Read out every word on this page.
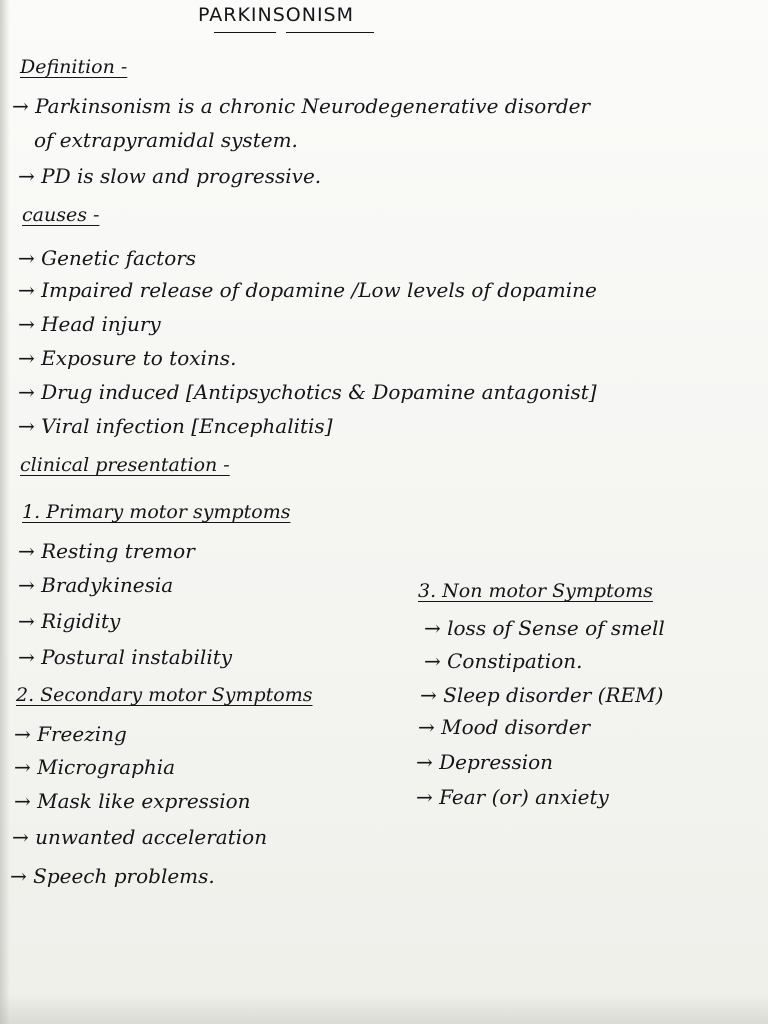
PARKINSONISM
Definition -
→ Parkinsonism is a chronic Neurodegenerative disorder
of extrapyramidal system.
→ PD is slow and progressive.
causes -
→ Genetic factors
→ Impaired release of dopamine /Low levels of dopamine
→ Head injury
→ Exposure to toxins.
→ Drug induced [Antipsychotics & Dopamine antagonist]
→ Viral infection [Encephalitis]
clinical presentation -
1. Primary motor symptoms
→ Resting tremor
→ Bradykinesia
→ Rigidity
→ Postural instability
2. Secondary motor Symptoms
→ Freezing
→ Micrographia
→ Mask like expression
→ unwanted acceleration
→ Speech problems.
3. Non motor Symptoms
→ loss of Sense of smell
→ Constipation.
→ Sleep disorder (REM)
→ Mood disorder
→ Depression
→ Fear (or) anxiety
